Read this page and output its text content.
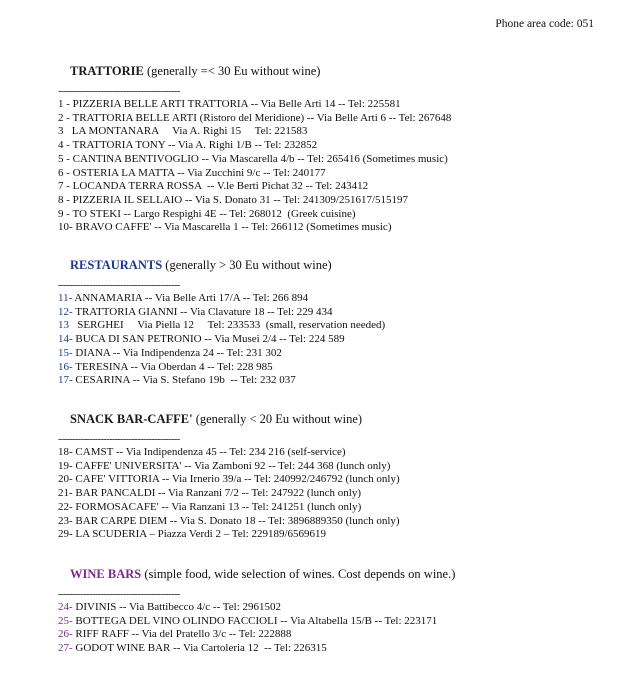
Phone area code: 051
TRATTORIE (generally =< 30 Eu without wine)
-------------------------------------------
1 - PIZZERIA BELLE ARTI TRATTORIA -- Via Belle Arti 14 -- Tel: 225581
2 - TRATTORIA BELLE ARTI (Ristoro del Meridione) -- Via Belle Arti 6 -- Tel: 267648
3   LA MONTANARA     Via A. Righi 15     Tel: 221583
4 - TRATTORIA TONY -- Via A. Righi 1/B -- Tel: 232852
5 - CANTINA BENTIVOGLIO -- Via Mascarella 4/b -- Tel: 265416 (Sometimes music)
6 - OSTERIA LA MATTA -- Via Zucchini 9/c -- Tel: 240177
7 - LOCANDA TERRA ROSSA  -- V.le Berti Pichat 32 -- Tel: 243412
8 - PIZZERIA IL SELLAIO -- Via S. Donato 31 -- Tel: 241309/251617/515197
9 - TO STEKI -- Largo Respighi 4E -- Tel: 268012  (Greek cuisine)
10- BRAVO CAFFE' -- Via Mascarella 1 -- Tel: 266112 (Sometimes music)
RESTAURANTS (generally > 30 Eu without wine)
-------------------------------------------
11- ANNAMARIA -- Via Belle Arti 17/A -- Tel: 266 894
12- TRATTORIA GIANNI -- Via Clavature 18 -- Tel: 229 434
13   SERGHEI     Via Piella 12     Tel: 233533  (small, reservation needed)
14- BUCA DI SAN PETRONIO -- Via Musei 2/4 -- Tel: 224 589
15- DIANA -- Via Indipendenza 24 -- Tel: 231 302
16- TERESINA -- Via Oberdan 4 -- Tel: 228 985
17- CESARINA -- Via S. Stefano 19b  -- Tel: 232 037
SNACK BAR-CAFFE' (generally < 20 Eu without wine)
-------------------------------------------
18- CAMST -- Via Indipendenza 45 -- Tel: 234 216 (self-service)
19- CAFFE' UNIVERSITA' -- Via Zamboni 92 -- Tel: 244 368 (lunch only)
20- CAFE' VITTORIA -- Via Irnerio 39/a -- Tel: 240992/246792 (lunch only)
21- BAR PANCALDI -- Via Ranzani 7/2 -- Tel: 247922 (lunch only)
22- FORMOSACAFE' -- Via Ranzani 13 -- Tel: 241251 (lunch only)
23- BAR CARPE DIEM -- Via S. Donato 18 -- Tel: 3896889350 (lunch only)
29- LA SCUDERIA – Piazza Verdi 2 – Tel: 229189/6569619
WINE BARS (simple food, wide selection of wines. Cost depends on wine.)
-------------------------------------------
24- DIVINIS -- Via Battibecco 4/c -- Tel: 2961502
25- BOTTEGA DEL VINO OLINDO FACCIOLI -- Via Altabella 15/B -- Tel: 223171
26- RIFF RAFF -- Via del Pratello 3/c -- Tel: 222888
27- GODOT WINE BAR -- Via Cartoleria 12  -- Tel: 226315
